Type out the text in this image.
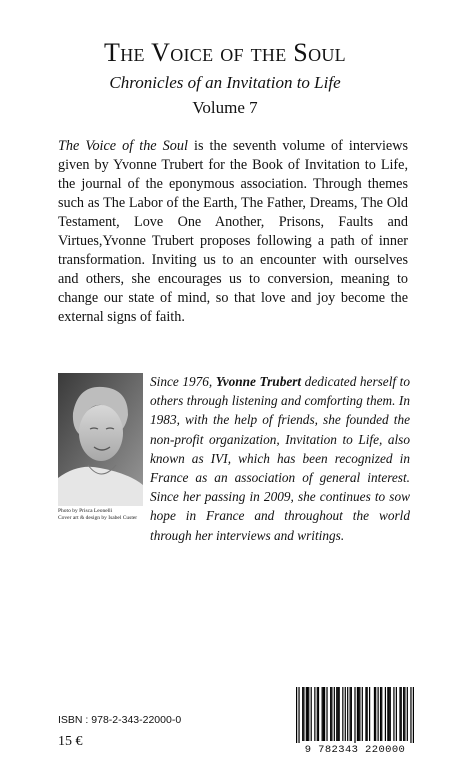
The Voice of the Soul
Chronicles of an Invitation to Life
Volume 7
The Voice of the Soul is the seventh volume of interviews given by Yvonne Trubert for the Book of Invitation to Life, the journal of the eponymous association. Through themes such as The Labor of the Earth, The Father, Dreams, The Old Testament, Love One Another, Prisons, Faults and Virtues,Yvonne Trubert proposes following a path of inner transformation. Inviting us to an encounter with ourselves and others, she encourages us to conversion, meaning to change our state of mind, so that love and joy become the external signs of faith.
Photo by Prisca Leonelli
Cover art & design by Isabel Custer
Since 1976, Yvonne Trubert dedicated herself to others through listening and comforting them. In 1983, with the help of friends, she founded the non-profit organization, Invitation to Life, also known as IVI, which has been recognized in France as an association of general interest. Since her passing in 2009, she continues to sow hope in France and throughout the world through her interviews and writings.
ISBN : 978-2-343-22000-0
15 €
9 782343 220000
